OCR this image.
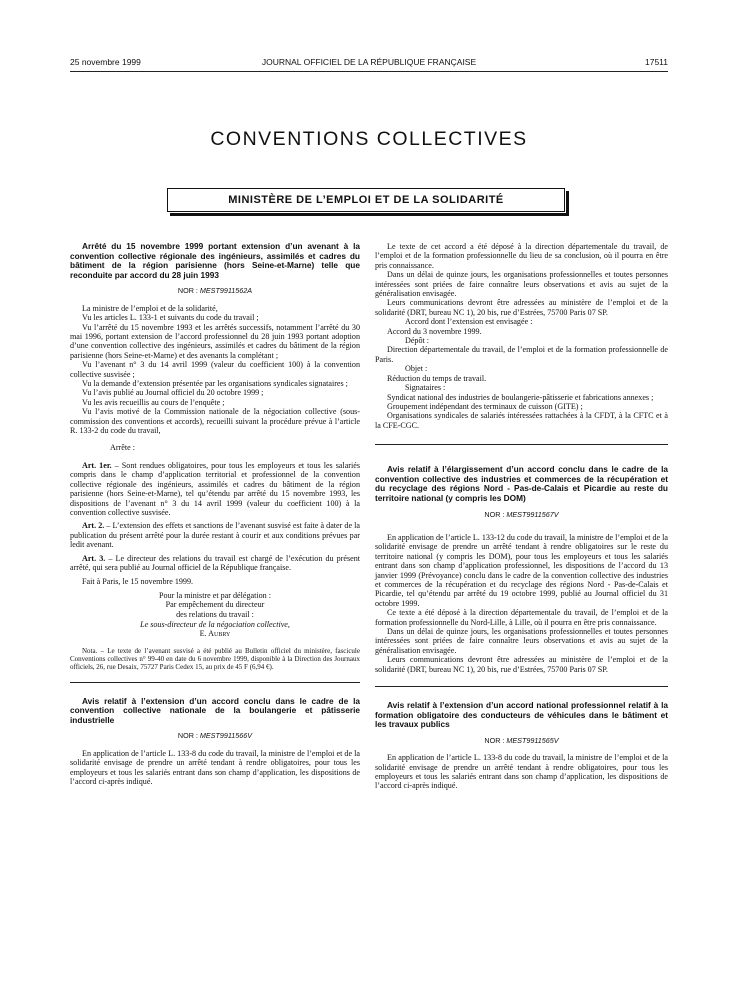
25 novembre 1999	JOURNAL OFFICIEL DE LA RÉPUBLIQUE FRANÇAISE	17511
CONVENTIONS COLLECTIVES
MINISTÈRE DE L’EMPLOI ET DE LA SOLIDARITÉ

Arrêté du 15 novembre 1999 portant extension d’un avenant à la convention collective régionale des ingénieurs, assimilés et cadres du bâtiment de la région parisienne (hors Seine-et-Marne) telle que reconduite par accord du 28 juin 1993

NOR : MEST9911562A

La ministre de l’emploi et de la solidarité,

Vu les articles L. 133-1 et suivants du code du travail ;

Vu l’arrêté du 15 novembre 1993 et les arrêtés successifs, notamment l’arrêté du 30 mai 1996, portant extension de l’accord professionnel du 28 juin 1993 portant adoption d’une convention collective des ingénieurs, assimilés et cadres du bâtiment de la région parisienne (hors Seine-et-Marne) et des avenants la complétant ;

Vu l’avenant n° 3 du 14 avril 1999 (valeur du coefficient 100) à la convention collective susvisée ;

Vu la demande d’extension présentée par les organisations syndicales signataires ;

Vu l’avis publié au Journal officiel du 20 octobre 1999 ;

Vu les avis recueillis au cours de l’enquête ;

Vu l’avis motivé de la Commission nationale de la négociation collective (sous-commission des conventions et accords), recueilli suivant la procédure prévue à l’article R. 133-2 du code du travail,

Arrête :

Art. 1er. – Sont rendues obligatoires, pour tous les employeurs et tous les salariés compris dans le champ d’application territorial et professionnel de la convention collective régionale des ingénieurs, assimilés et cadres du bâtiment de la région parisienne (hors Seine-et-Marne), tel qu’étendu par arrêté du 15 novembre 1993, les dispositions de l’avenant n° 3 du 14 avril 1999 (valeur du coefficient 100) à la convention collective susvisée.

Art. 2. – L’extension des effets et sanctions de l’avenant susvisé est faite à dater de la publication du présent arrêté pour la durée restant à courir et aux conditions prévues par ledit avenant.

Art. 3. – Le directeur des relations du travail est chargé de l’exécution du présent arrêté, qui sera publié au Journal officiel de la République française.

Fait à Paris, le 15 novembre 1999.

Pour la ministre et par délégation :

Par empêchement du directeur

des relations du travail :

Le sous-directeur de la négociation collective,

E. Aubry

Nota. – Le texte de l’avenant susvisé a été publié au Bulletin officiel du ministère, fascicule Conventions collectives n° 99-40 en date du 6 novembre 1999, disponible à la Direction des Journaux officiels, 26, rue Desaix, 75727 Paris Cedex 15, au prix de 45 F (6,94 €).

Avis relatif à l’extension d’un accord conclu dans le cadre de la convention collective nationale de la boulangerie et pâtisserie industrielle

NOR : MEST9911566V

En application de l’article L. 133-8 du code du travail, la ministre de l’emploi et de la solidarité envisage de prendre un arrêté tendant à rendre obligatoires, pour tous les employeurs et tous les salariés entrant dans son champ d’application, les dispositions de l’accord ci-après indiqué.

Le texte de cet accord a été déposé à la direction départementale du travail, de l’emploi et de la formation professionnelle du lieu de sa conclusion, où il pourra en être pris connaissance.

Dans un délai de quinze jours, les organisations professionnelles et toutes personnes intéressées sont priées de faire connaître leurs observations et avis au sujet de la généralisation envisagée.

Leurs communications devront être adressées au ministère de l’emploi et de la solidarité (DRT, bureau NC 1), 20 bis, rue d’Estrées, 75700 Paris 07 SP.

Accord dont l’extension est envisagée :

Accord du 3 novembre 1999.

Dépôt :

Direction départementale du travail, de l’emploi et de la formation professionnelle de Paris.

Objet :

Réduction du temps de travail.

Signataires :

Syndicat national des industries de boulangerie-pâtisserie et fabrications annexes ;

Groupement indépendant des terminaux de cuisson (GITE) ;

Organisations syndicales de salariés intéressées rattachées à la CFDT, à la CFTC et à la CFE-CGC.

Avis relatif à l’élargissement d’un accord conclu dans le cadre de la convention collective des industries et commerces de la récupération et du recyclage des régions Nord - Pas-de-Calais et Picardie au reste du territoire national (y compris les DOM)

NOR : MEST9911567V

En application de l’article L. 133-12 du code du travail, la ministre de l’emploi et de la solidarité envisage de prendre un arrêté tendant à rendre obligatoires sur le reste du territoire national (y compris les DOM), pour tous les employeurs et tous les salariés entrant dans son champ d’application professionnel, les dispositions de l’accord du 13 janvier 1999 (Prévoyance) conclu dans le cadre de la convention collective des industries et commerces de la récupération et du recyclage des régions Nord - Pas-de-Calais et Picardie, tel qu’étendu par arrêté du 19 octobre 1999, publié au Journal officiel du 31 octobre 1999.

Ce texte a été déposé à la direction départementale du travail, de l’emploi et de la formation professionnelle du Nord-Lille, à Lille, où il pourra en être pris connaissance.

Dans un délai de quinze jours, les organisations professionnelles et toutes personnes intéressées sont priées de faire connaître leurs observations et avis au sujet de la généralisation envisagée.

Leurs communications devront être adressées au ministère de l’emploi et de la solidarité (DRT, bureau NC 1), 20 bis, rue d’Estrées, 75700 Paris 07 SP.

Avis relatif à l’extension d’un accord national professionnel relatif à la formation obligatoire des conducteurs de véhicules dans le bâtiment et les travaux publics

NOR : MEST9911565V

En application de l’article L. 133-8 du code du travail, la ministre de l’emploi et de la solidarité envisage de prendre un arrêté tendant à rendre obligatoires, pour tous les employeurs et tous les salariés entrant dans son champ d’application, les dispositions de l’accord ci-après indiqué.
